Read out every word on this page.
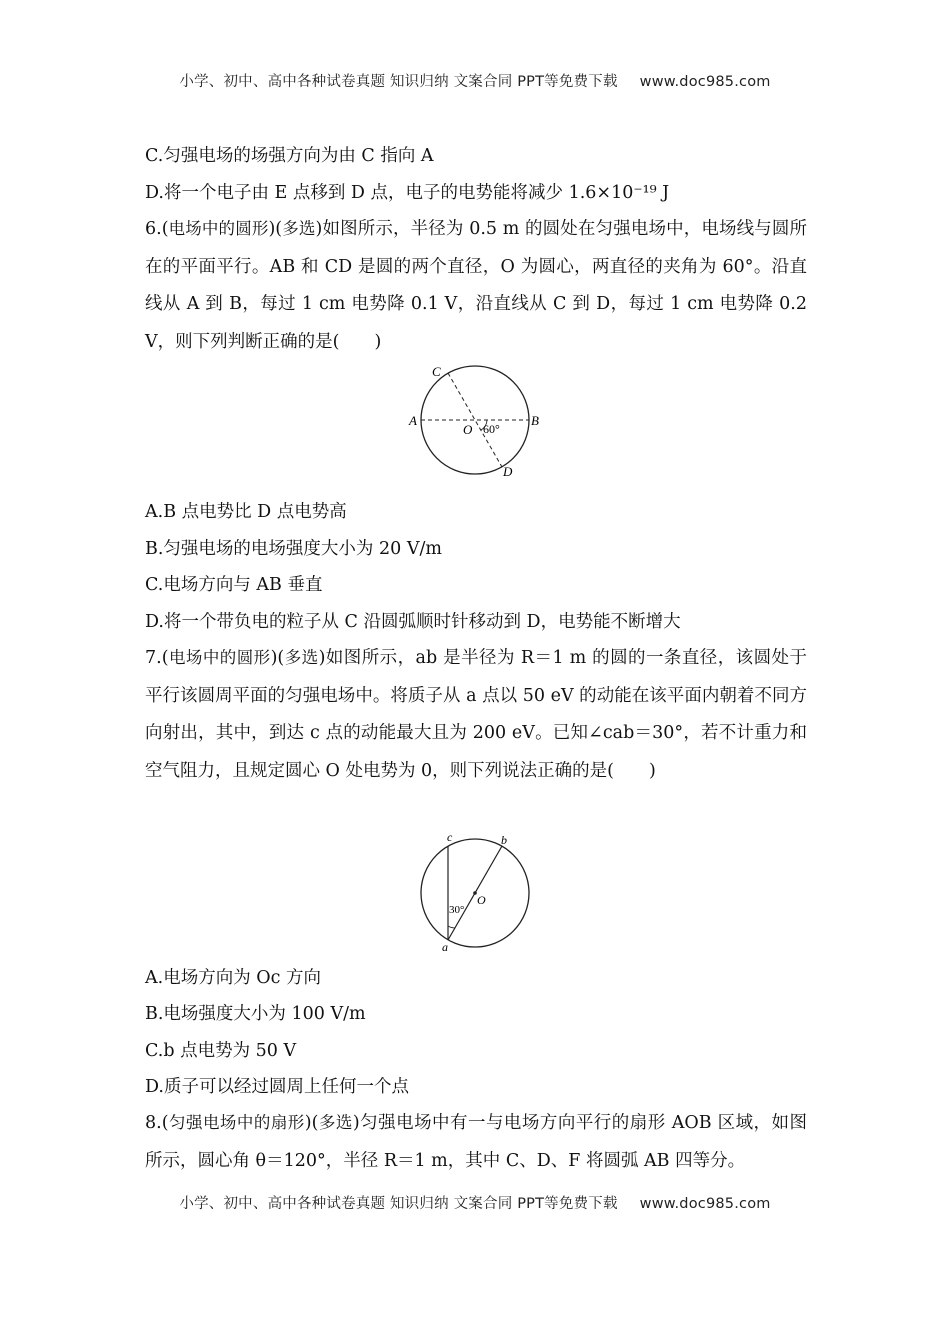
小学、初中、高中各种试卷真题 知识归纳 文案合同 PPT等免费下载 www.doc985.com
C.匀强电场的场强方向为由 C 指向 A
D.将一个电子由 E 点移到 D 点，电子的电势能将减少 1.6×10⁻¹⁹ J
6.(电场中的圆形)(多选)如图所示，半径为 0.5 m 的圆处在匀强电场中，电场线与圆所在的平面平行。AB 和 CD 是圆的两个直径，O 为圆心，两直径的夹角为 60°。沿直线从 A 到 B，每过 1 cm 电势降 0.1 V，沿直线从 C 到 D，每过 1 cm 电势降 0.2 V，则下列判断正确的是(　　)
C
A
O 60°
B
D
A.B 点电势比 D 点电势高
B.匀强电场的电场强度大小为 20 V/m
C.电场方向与 AB 垂直
D.将一个带负电的粒子从 C 沿圆弧顺时针移动到 D，电势能不断增大
7.(电场中的圆形)(多选)如图所示，ab 是半径为 R＝1 m 的圆的一条直径，该圆处于平行该圆周平面的匀强电场中。将质子从 a 点以 50 eV 的动能在该平面内朝着不同方向射出，其中，到达 c 点的动能最大且为 200 eV。已知∠cab＝30°，若不计重力和空气阻力，且规定圆心 O 处电势为 0，则下列说法正确的是(　　)
c	b
O
30°
a
A.电场方向为 Oc 方向
B.电场强度大小为 100 V/m
C.b 点电势为 50 V
D.质子可以经过圆周上任何一个点
8.(匀强电场中的扇形)(多选)匀强电场中有一与电场方向平行的扇形 AOB 区域，如图所示，圆心角 θ＝120°，半径 R＝1 m，其中 C、D、F 将圆弧 AB 四等分。
小学、初中、高中各种试卷真题 知识归纳 文案合同 PPT等免费下载 www.doc985.com
